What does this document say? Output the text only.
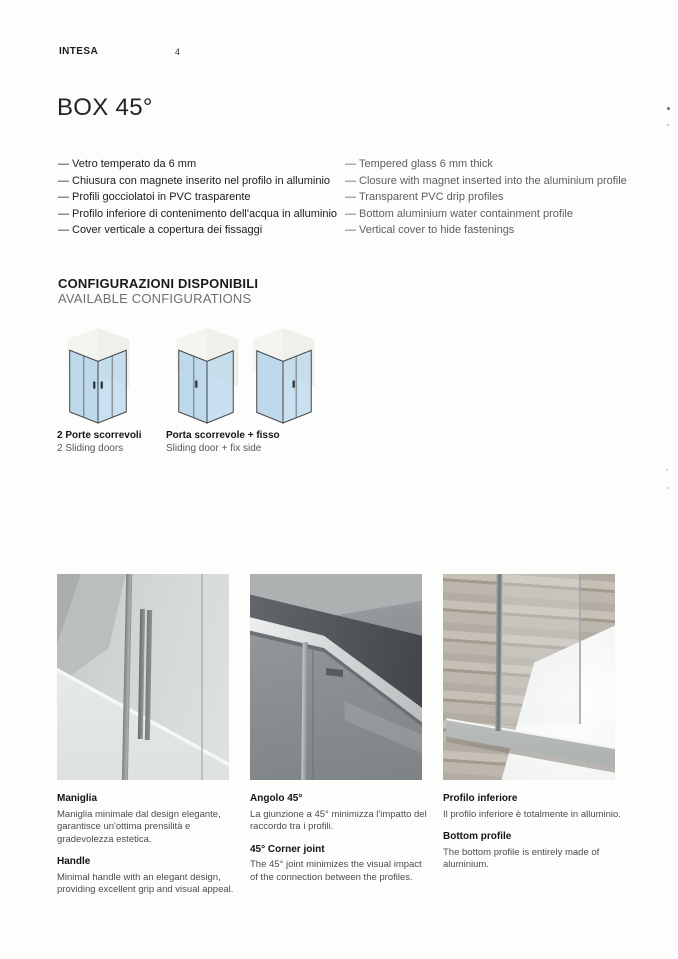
INTESA	4
BOX 45°
— Vetro temperato da 6 mm
— Chiusura con magnete inserito nel profilo in alluminio
— Profili gocciolatoi in PVC trasparente
— Profilo inferiore di contenimento dell'acqua in alluminio
— Cover verticale a copertura dei fissaggi
— Tempered glass 6 mm thick
— Closure with magnet inserted into the aluminium profile
— Transparent PVC drip profiles
— Bottom aluminium water containment profile
— Vertical cover to hide fastenings
CONFIGURAZIONI DISPONIBILI
AVAILABLE CONFIGURATIONS
2 Porte scorrevoli
2 Sliding doors
Porta scorrevole + fisso
Sliding door + fix side
Maniglia
Maniglia minimale dal design elegante, garantisce un'ottima prensilità e gradevolezza estetica.
Handle
Minimal handle with an elegant design, providing excellent grip and visual appeal.
Angolo 45°
La giunzione a 45° minimizza l'impatto del raccordo tra i profili.
45° Corner joint
The 45° joint minimizes the visual impact of the connection between the profiles.
Profilo inferiore
Il profilo inferiore è totalmente in alluminio.
Bottom profile
The bottom profile is entirely made of aluminium.
